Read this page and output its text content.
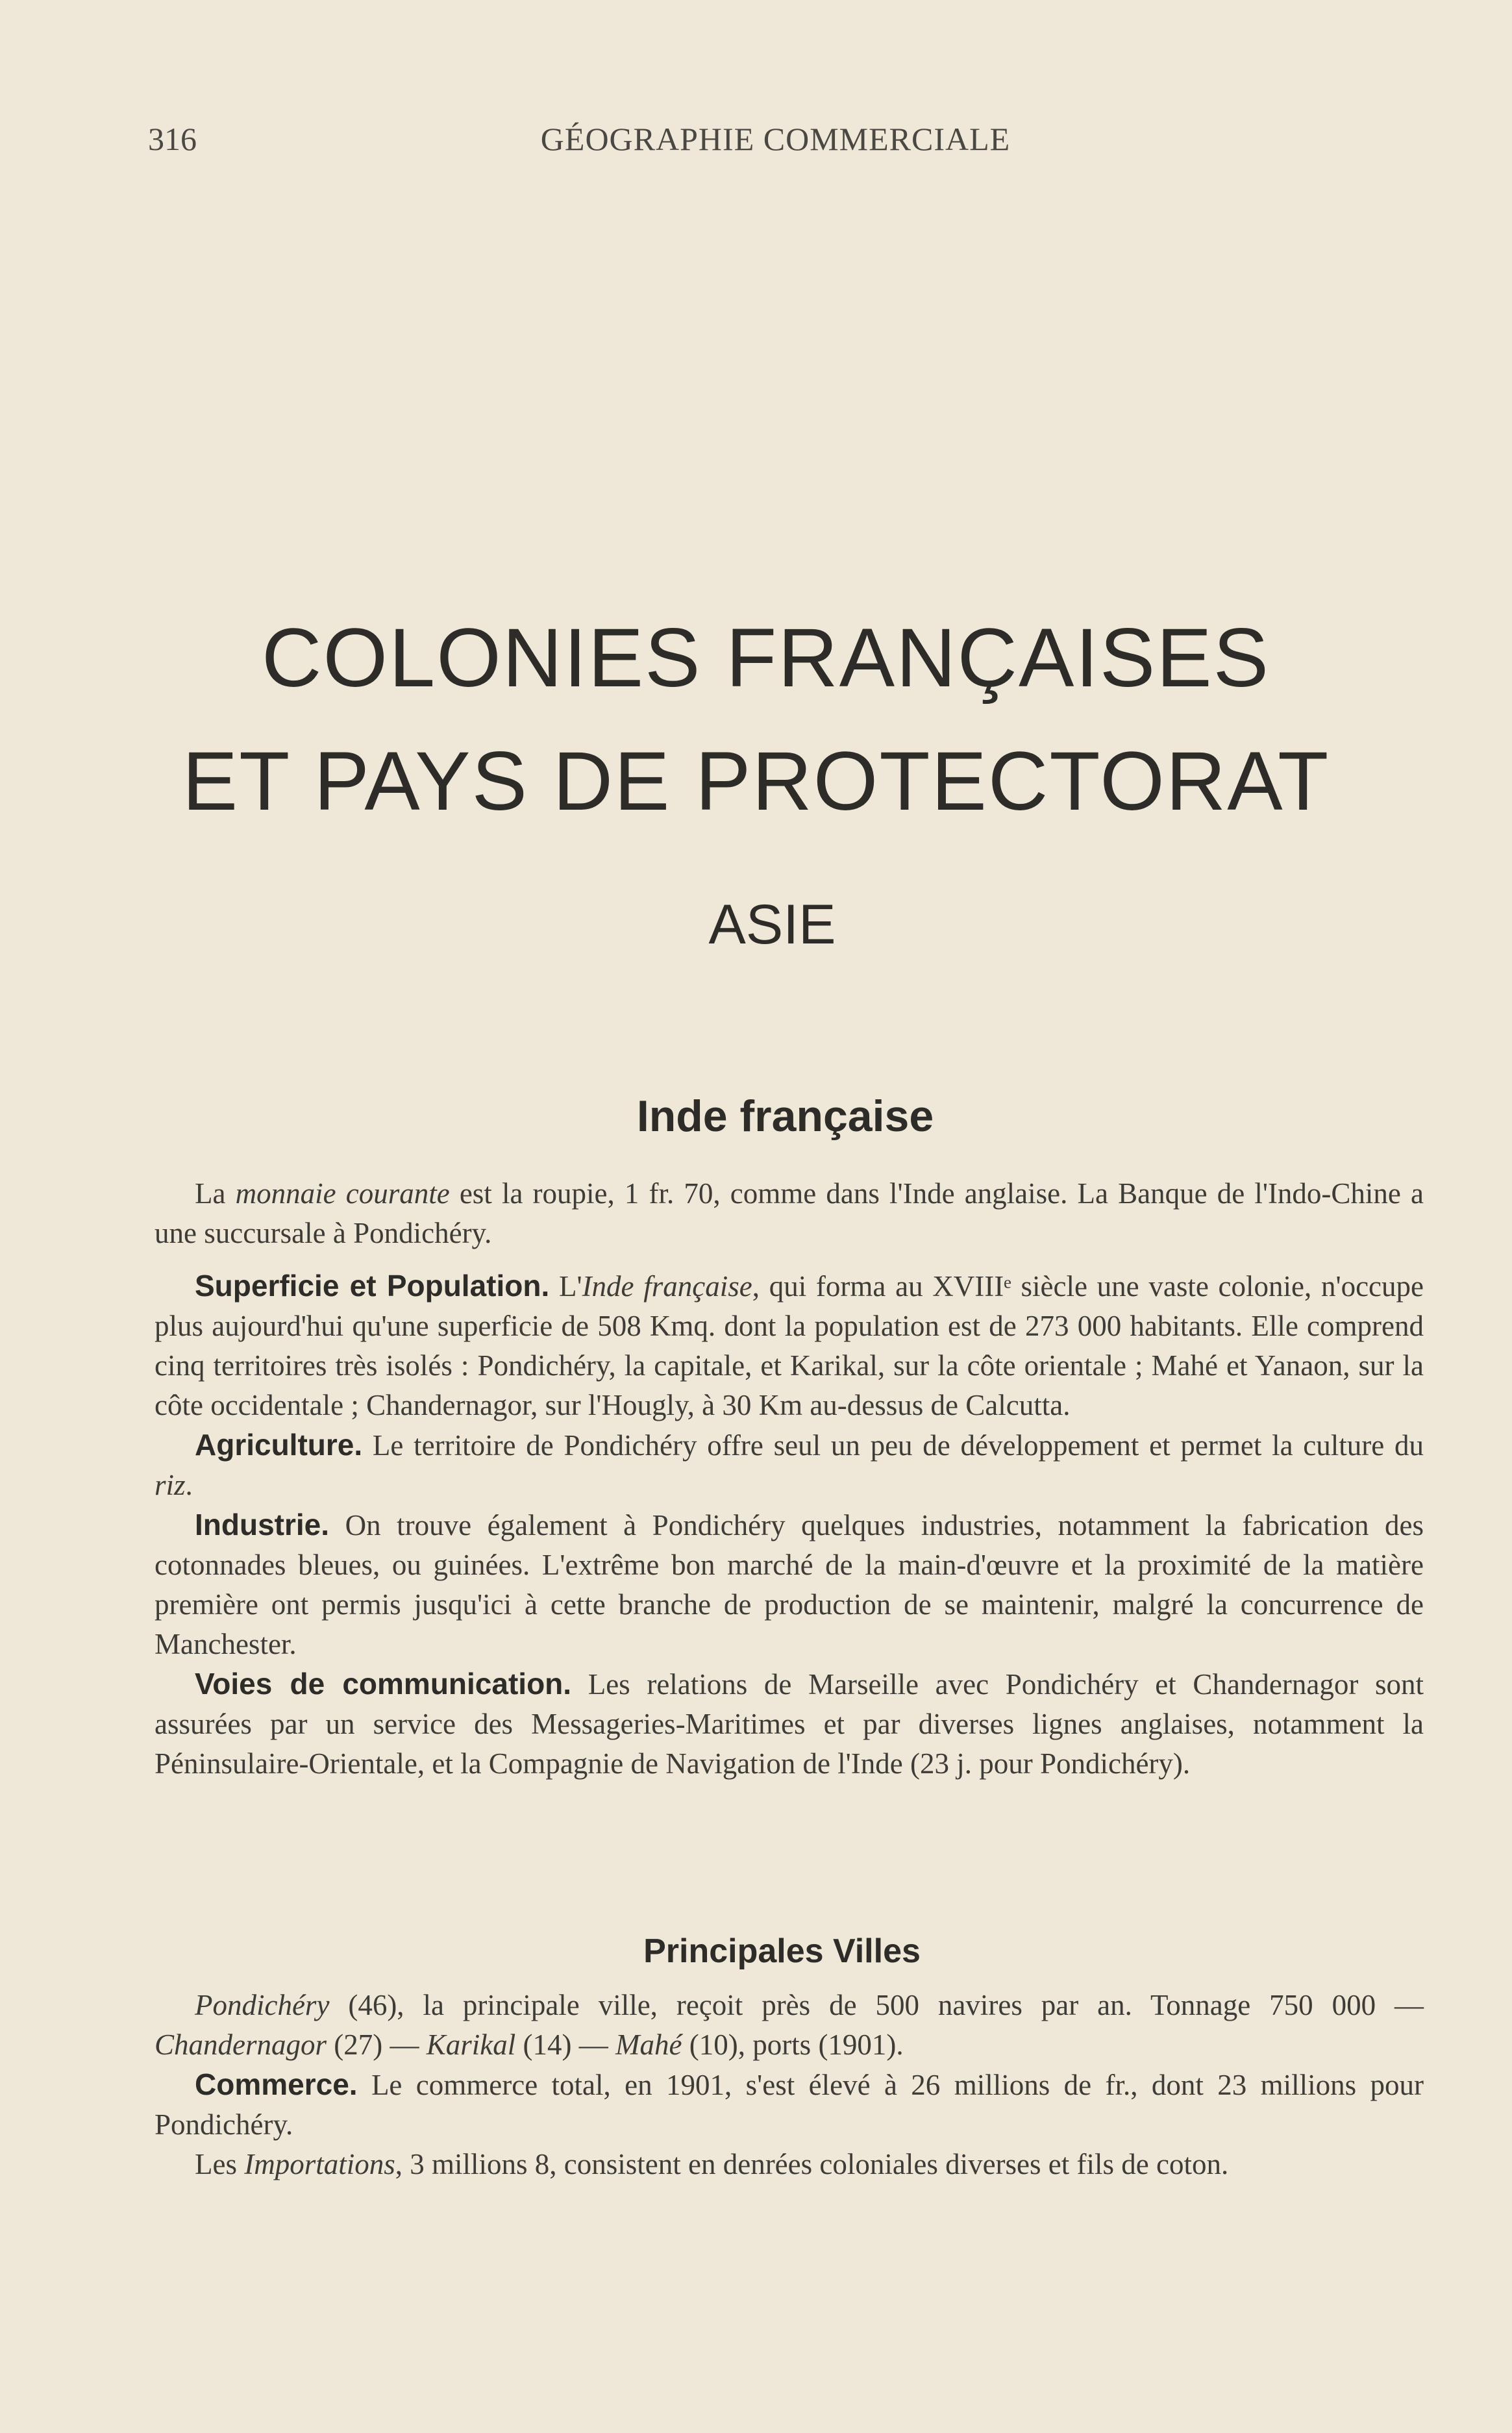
316	GÉOGRAPHIE COMMERCIALE
COLONIES FRANÇAISES
ET PAYS DE PROTECTORAT
ASIE
Inde française

La monnaie courante est la roupie, 1 fr. 70, comme dans l'Inde anglaise. La Banque de l'Indo-Chine a une succursale à Pondichéry.

Superficie et Population. L'Inde française, qui forma au XVIIIᵉ siècle une vaste colonie, n'occupe plus aujourd'hui qu'une superficie de 508 Kmq. dont la population est de 273 000 habitants. Elle comprend cinq territoires très isolés : Pondichéry, la capitale, et Karikal, sur la côte orientale ; Mahé et Yanaon, sur la côte occidentale ; Chandernagor, sur l'Hougly, à 30 Km au-dessus de Calcutta.

Agriculture. Le territoire de Pondichéry offre seul un peu de développement et permet la culture du riz.

Industrie. On trouve également à Pondichéry quelques industries, notamment la fabrication des cotonnades bleues, ou guinées. L'extrême bon marché de la main-d'œuvre et la proximité de la matière première ont permis jusqu'ici à cette branche de production de se maintenir, malgré la concurrence de Manchester.

Voies de communication. Les relations de Marseille avec Pondichéry et Chandernagor sont assurées par un service des Messageries-Maritimes et par diverses lignes anglaises, notamment la Péninsulaire-Orientale, et la Compagnie de Navigation de l'Inde (23 j. pour Pondichéry).

Principales Villes

Pondichéry (46), la principale ville, reçoit près de 500 navires par an. Tonnage 750 000 — Chandernagor (27) — Karikal (14) — Mahé (10), ports (1901).

Commerce. Le commerce total, en 1901, s'est élevé à 26 millions de fr., dont 23 millions pour Pondichéry.

Les Importations, 3 millions 8, consistent en denrées coloniales diverses et fils de coton.
